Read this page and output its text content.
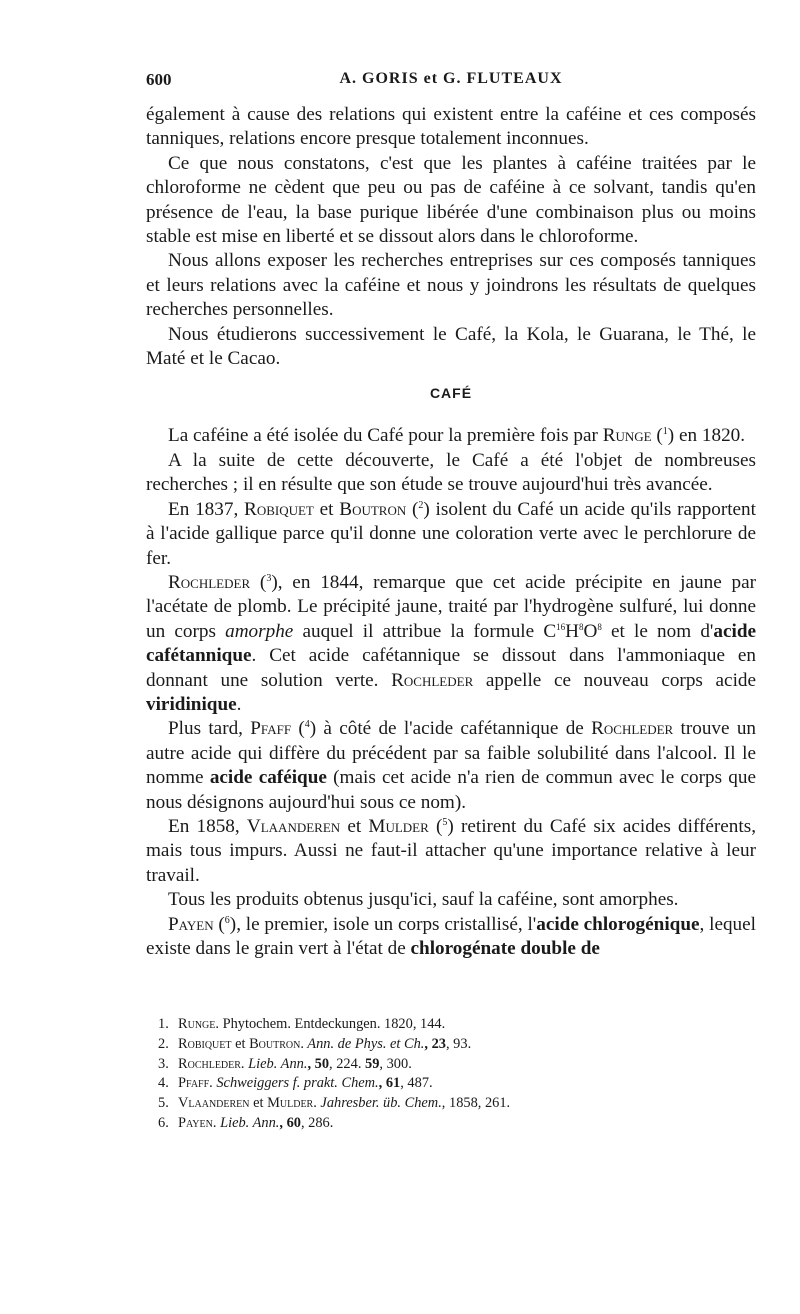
600	A. GORIS et G. FLUTEAUX

également à cause des relations qui existent entre la caféine et ces composés tanniques, relations encore presque totalement inconnues.

Ce que nous constatons, c'est que les plantes à caféine traitées par le chloroforme ne cèdent que peu ou pas de caféine à ce solvant, tandis qu'en présence de l'eau, la base purique libérée d'une combinaison plus ou moins stable est mise en liberté et se dissout alors dans le chloroforme.

Nous allons exposer les recherches entreprises sur ces composés tanniques et leurs relations avec la caféine et nous y joindrons les résultats de quelques recherches personnelles.

Nous étudierons successivement le Café, la Kola, le Guarana, le Thé, le Maté et le Cacao.

CAFÉ

La caféine a été isolée du Café pour la première fois par Runge ($^1$) en 1820.

A la suite de cette découverte, le Café a été l'objet de nombreuses recherches ; il en résulte que son étude se trouve aujourd'hui très avancée.

En 1837, Robiquet et Boutron ($^2$) isolent du Café un acide qu'ils rapportent à l'acide gallique parce qu'il donne une coloration verte avec le perchlorure de fer.

Rochleder ($^3$), en 1844, remarque que cet acide précipite en jaune par l'acétate de plomb. Le précipité jaune, traité par l'hydrogène sulfuré, lui donne un corps amorphe auquel il attribue la formule $C^{16}H^8O^8$ et le nom d'acide cafétannique. Cet acide cafétannique se dissout dans l'ammoniaque en donnant une solution verte. Rochleder appelle ce nouveau corps acide viridinique.

Plus tard, Pfaff ($^4$) à côté de l'acide cafétannique de Rochleder trouve un autre acide qui diffère du précédent par sa faible solubilité dans l'alcool. Il le nomme acide caféique (mais cet acide n'a rien de commun avec le corps que nous désignons aujourd'hui sous ce nom).

En 1858, Vlaanderen et Mulder ($^5$) retirent du Café six acides différents, mais tous impurs. Aussi ne faut-il attacher qu'une importance relative à leur travail.

Tous les produits obtenus jusqu'ici, sauf la caféine, sont amorphes.

Payen ($^6$), le premier, isole un corps cristallisé, l'acide chlorogénique, lequel existe dans le grain vert à l'état de chlorogénate double de

1. Runge. Phytochem. Entdeckungen. 1820, 144.

2. Robiquet et Boutron. Ann. de Phys. et Ch., 23, 93.

3. Rochleder. Lieb. Ann., 50, 224. 59, 300.

4. Pfaff. Schweiggers f. prakt. Chem., 61, 487.

5. Vlaanderen et Mulder. Jahresber. üb. Chem., 1858, 261.

6. Payen. Lieb. Ann., 60, 286.
